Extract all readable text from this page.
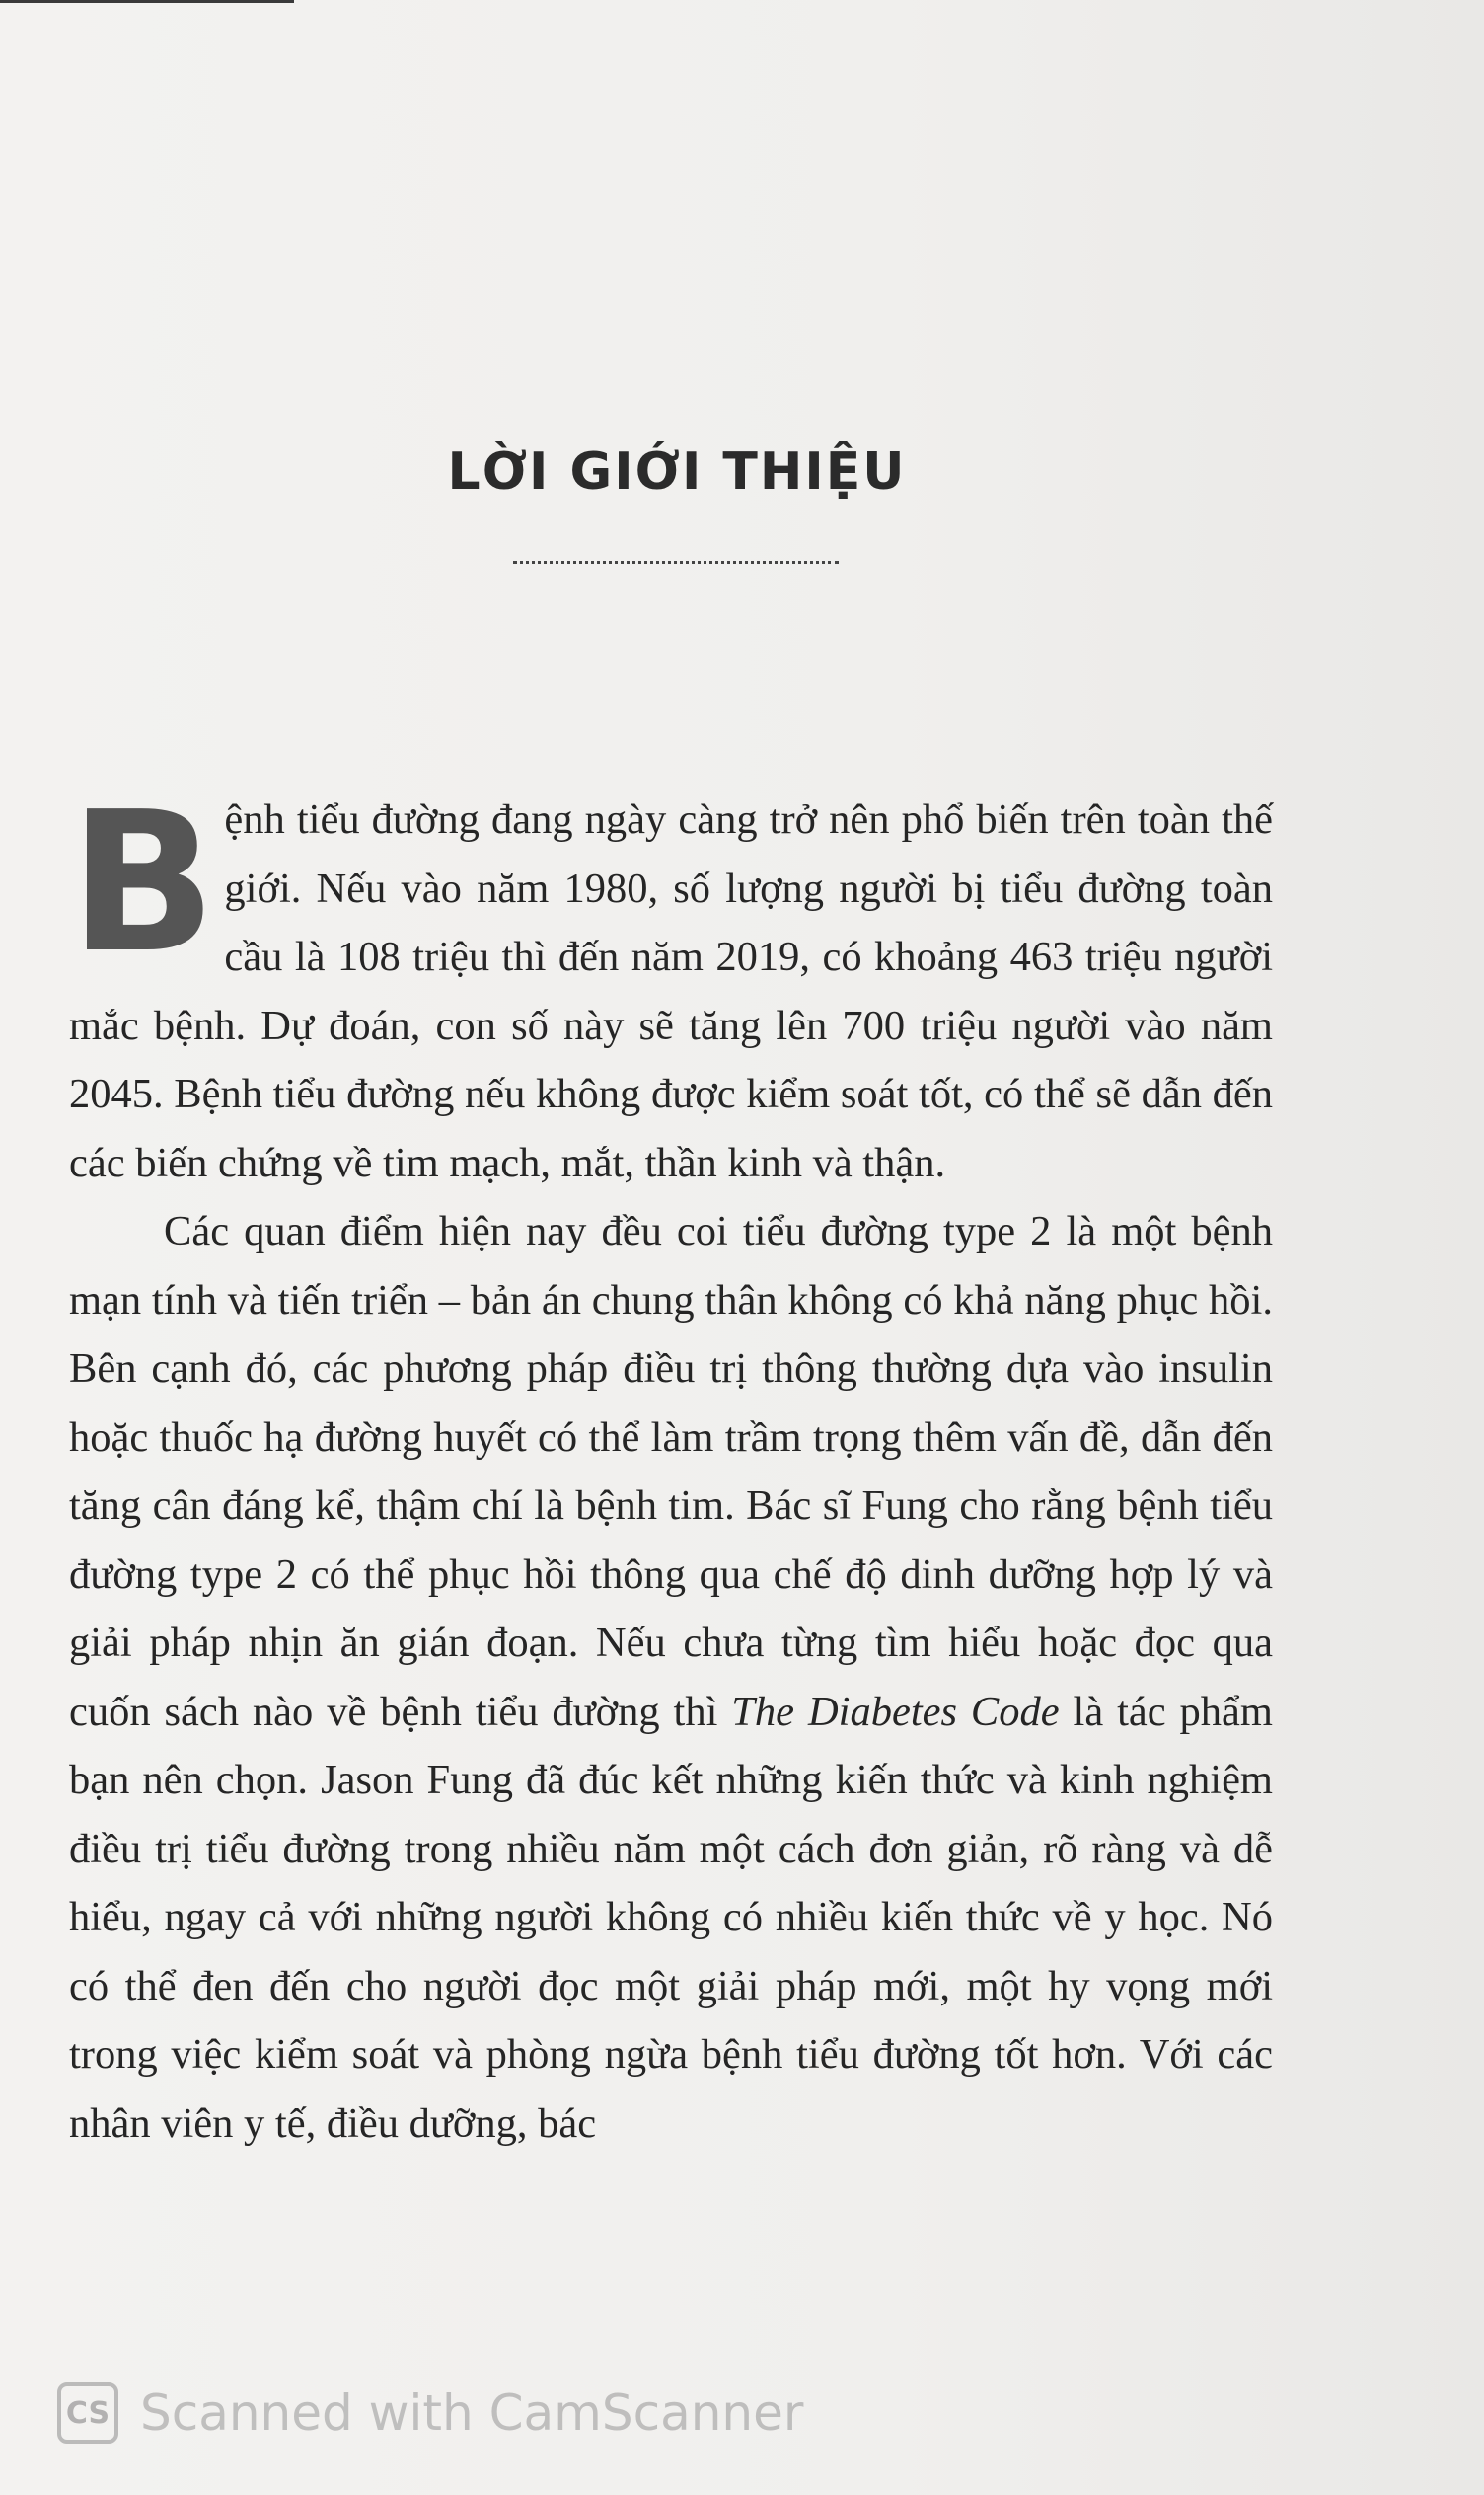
LỜI GIỚI THIỆU

Bệnh tiểu đường đang ngày càng trở nên phổ biến trên toàn thế giới. Nếu vào năm 1980, số lượng người bị tiểu đường toàn cầu là 108 triệu thì đến năm 2019, có khoảng 463 triệu người mắc bệnh. Dự đoán, con số này sẽ tăng lên 700 triệu người vào năm 2045. Bệnh tiểu đường nếu không được kiểm soát tốt, có thể sẽ dẫn đến các biến chứng về tim mạch, mắt, thần kinh và thận.

Các quan điểm hiện nay đều coi tiểu đường type 2 là một bệnh mạn tính và tiến triển – bản án chung thân không có khả năng phục hồi. Bên cạnh đó, các phương pháp điều trị thông thường dựa vào insulin hoặc thuốc hạ đường huyết có thể làm trầm trọng thêm vấn đề, dẫn đến tăng cân đáng kể, thậm chí là bệnh tim. Bác sĩ Fung cho rằng bệnh tiểu đường type 2 có thể phục hồi thông qua chế độ dinh dưỡng hợp lý và giải pháp nhịn ăn gián đoạn. Nếu chưa từng tìm hiểu hoặc đọc qua cuốn sách nào về bệnh tiểu đường thì The Diabetes Code là tác phẩm bạn nên chọn. Jason Fung đã đúc kết những kiến thức và kinh nghiệm điều trị tiểu đường trong nhiều năm một cách đơn giản, rõ ràng và dễ hiểu, ngay cả với những người không có nhiều kiến thức về y học. Nó có thể đen đến cho người đọc một giải pháp mới, một hy vọng mới trong việc kiểm soát và phòng ngừa bệnh tiểu đường tốt hơn. Với các nhân viên y tế, điều dưỡng, bác

CS Scanned with CamScanner
